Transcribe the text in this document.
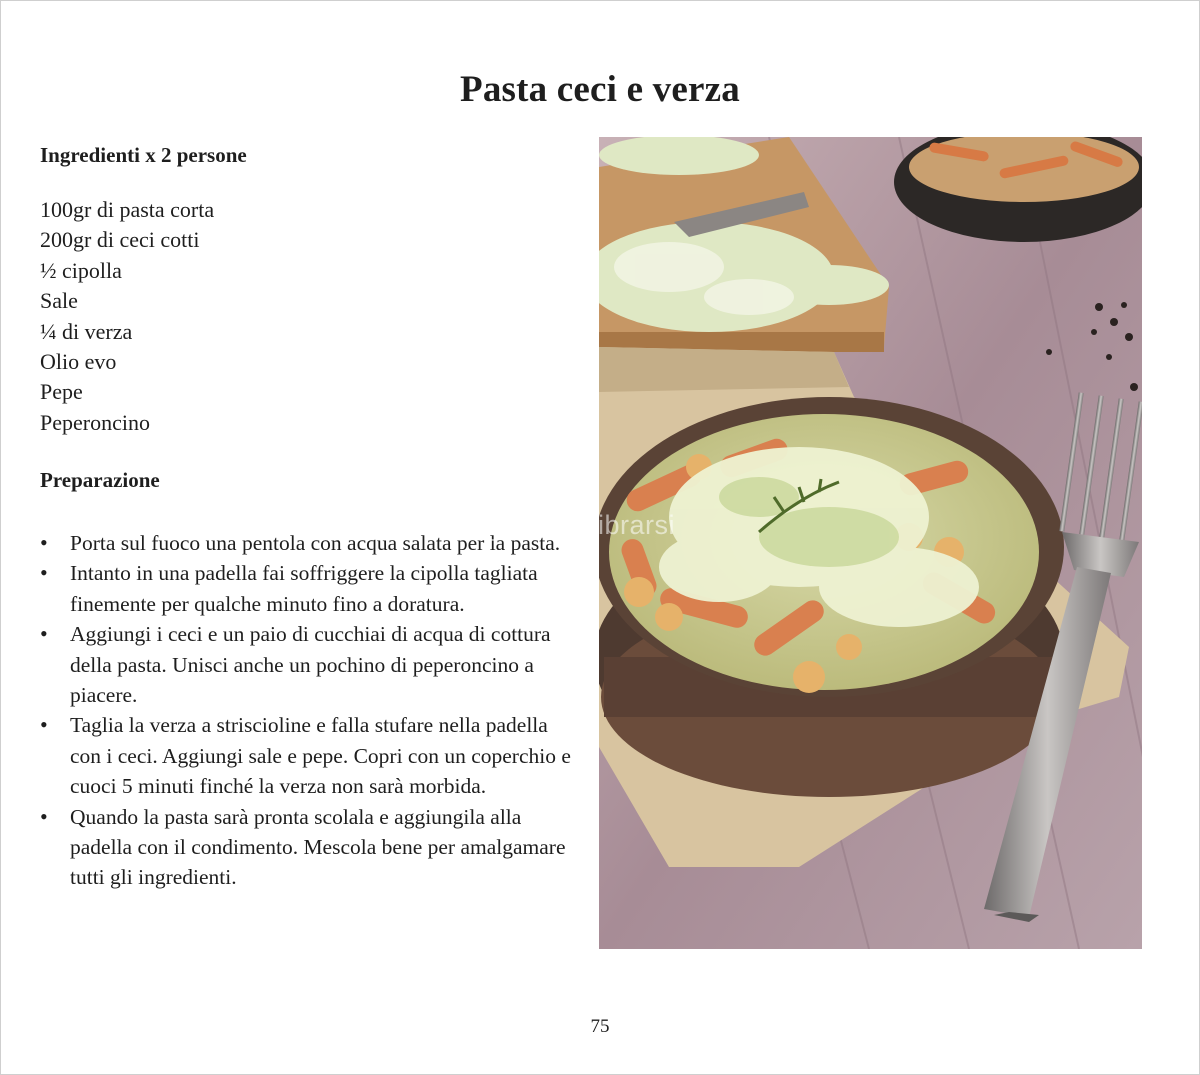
Pasta ceci e verza
Ingredienti x 2 persone
100gr di pasta corta
200gr di ceci cotti
½ cipolla
Sale
¼ di verza
Olio evo
Pepe
Peperoncino
Preparazione
• Porta sul fuoco una pentola con acqua salata per la pasta.
• Intanto in una padella fai soffriggere la cipolla tagliata finemente per qualche minuto fino a doratura.
• Aggiungi i ceci e un paio di cucchiai di acqua di cottura della pasta. Unisci anche un pochino di peperoncino a piacere.
• Taglia la verza a striscioline e falla stufare nella padella con i ceci. Aggiungi sale e pepe. Copri con un coperchio e cuoci 5 minuti finché la verza non sarà morbida.
• Quando la pasta sarà pronta scolala e aggiungila alla padella con il condimento. Mescola bene per amalgamare tutti gli ingredienti.
macrolibrarsi
75
